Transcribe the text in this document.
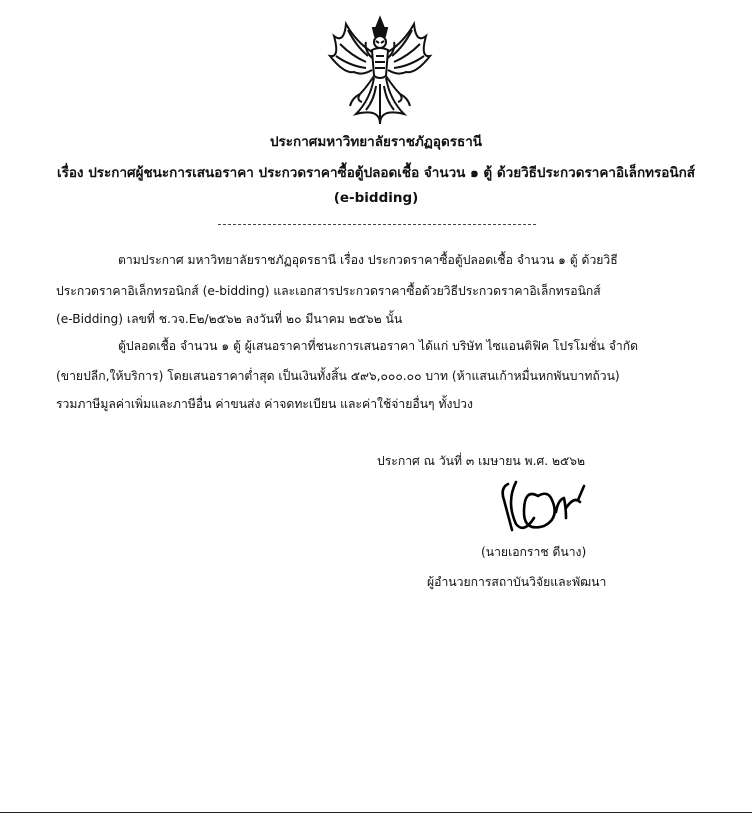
ประกาศมหาวิทยาลัยราชภัฏอุดรธานี
เรื่อง ประกาศผู้ชนะการเสนอราคา ประกวดราคาซื้อตู้ปลอดเชื้อ จำนวน ๑ ตู้ ด้วยวิธีประกวดราคาอิเล็กทรอนิกส์
(e-bidding)
ตามประกาศ มหาวิทยาลัยราชภัฏอุดรธานี เรื่อง ประกวดราคาซื้อตู้ปลอดเชื้อ จำนวน ๑ ตู้ ด้วยวิธี
ประกวดราคาอิเล็กทรอนิกส์ (e-bidding) และเอกสารประกวดราคาซื้อด้วยวิธีประกวดราคาอิเล็กทรอนิกส์
(e-Bidding) เลขที่ ช.วจ.E๒/๒๕๖๒ ลงวันที่ ๒๐ มีนาคม ๒๕๖๒ นั้น
ตู้ปลอดเชื้อ จำนวน ๑ ตู้ ผู้เสนอราคาที่ชนะการเสนอราคา ได้แก่ บริษัท ไซแอนติฟิค โปรโมชั่น จำกัด
(ขายปลีก,ให้บริการ) โดยเสนอราคาต่ำสุด เป็นเงินทั้งสิ้น ๕๙๖,๐๐๐.๐๐ บาท (ห้าแสนเก้าหมื่นหกพันบาทถ้วน)
รวมภาษีมูลค่าเพิ่มและภาษีอื่น ค่าขนส่ง ค่าจดทะเบียน และค่าใช้จ่ายอื่นๆ ทั้งปวง
ประกาศ ณ วันที่ ๓ เมษายน พ.ศ. ๒๕๖๒
(นายเอกราช ดีนาง)
ผู้อำนวยการสถาบันวิจัยและพัฒนา
